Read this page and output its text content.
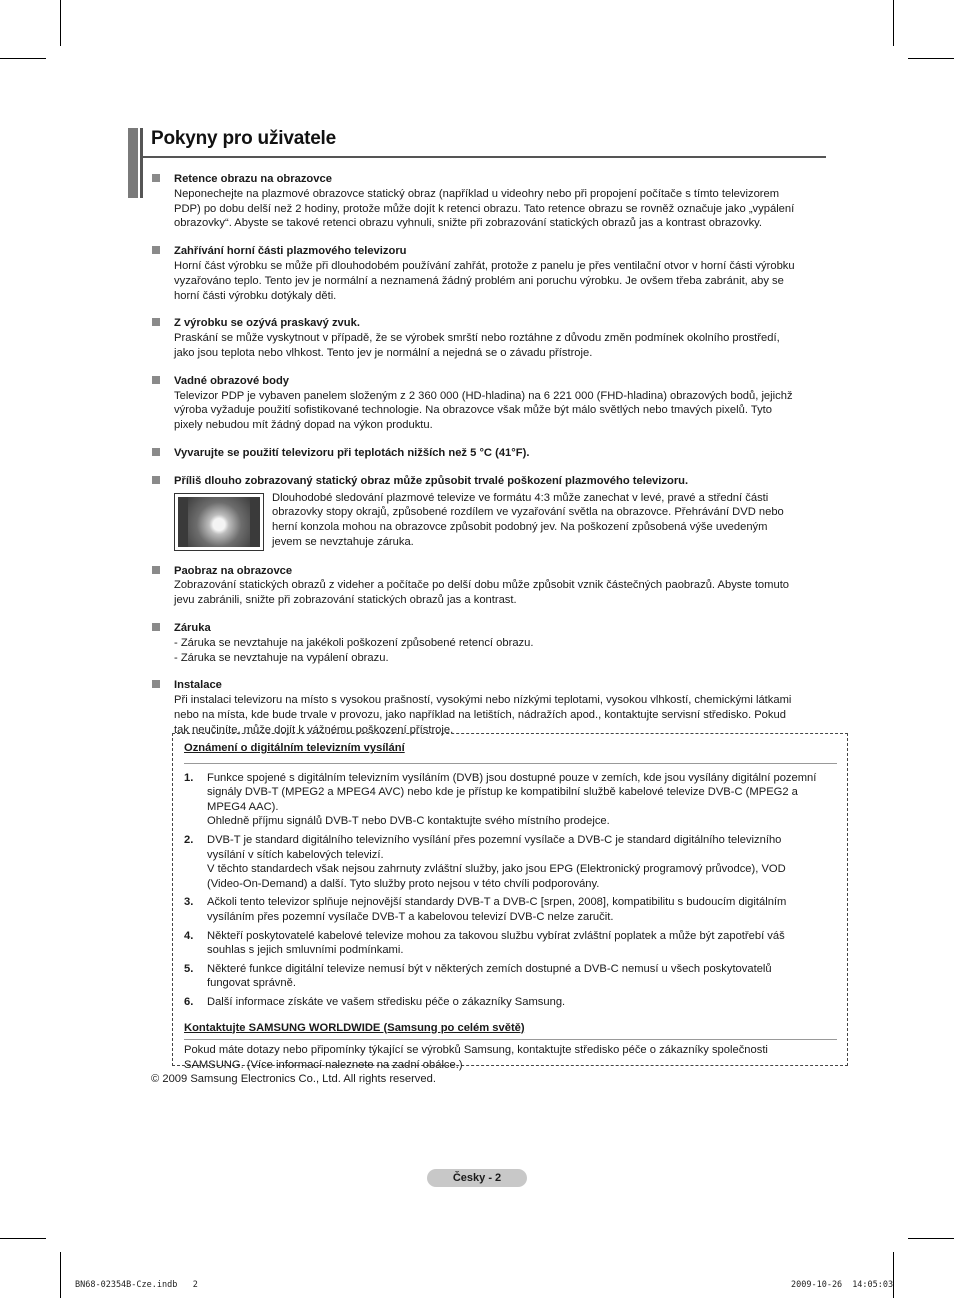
Pokyny pro uživatele
Retence obrazu na obrazovce
Neponechejte na plazmové obrazovce statický obraz (například u videohry nebo při propojení počítače s tímto televizorem
PDP) po dobu delší než 2 hodiny, protože může dojít k retenci obrazu. Tato retence obrazu se rovněž označuje jako „vypálení
obrazovky“. Abyste se takové retenci obrazu vyhnuli, snižte při zobrazování statických obrazů jas a kontrast obrazovky.
Zahřívání horní části plazmového televizoru
Horní část výrobku se může při dlouhodobém používání zahřát, protože z panelu je přes ventilační otvor v horní části výrobku
vyzařováno teplo. Tento jev je normální a neznamená žádný problém ani poruchu výrobku. Je ovšem třeba zabránit, aby se
horní části výrobku dotýkaly děti.
Z výrobku se ozývá praskavý zvuk.
Praskání se může vyskytnout v případě, že se výrobek smrští nebo roztáhne z důvodu změn podmínek okolního prostředí,
jako jsou teplota nebo vlhkost. Tento jev je normální a nejedná se o závadu přístroje.
Vadné obrazové body
Televizor PDP je vybaven panelem složeným z 2 360 000 (HD-hladina) na 6 221 000 (FHD-hladina) obrazových bodů, jejichž
výroba vyžaduje použití sofistikované technologie. Na obrazovce však může být málo světlých nebo tmavých pixelů. Tyto
pixely nebudou mít žádný dopad na výkon produktu.
Vyvarujte se použití televizoru při teplotách nižších než 5 °C (41°F).
Příliš dlouho zobrazovaný statický obraz může způsobit trvalé poškození plazmového televizoru.
Dlouhodobé sledování plazmové televize ve formátu 4:3 může zanechat v levé, pravé a střední části
obrazovky stopy okrajů, způsobené rozdílem ve vyzařování světla na obrazovce. Přehrávání DVD nebo
herní konzola mohou na obrazovce způsobit podobný jev. Na poškození způsobená výše uvedeným
jevem se nevztahuje záruka.
Paobraz na obrazovce
Zobrazování statických obrazů z videher a počítače po delší dobu může způsobit vznik částečných paobrazů. Abyste tomuto
jevu zabránili, snižte při zobrazování statických obrazů jas a kontrast.
Záruka
- Záruka se nevztahuje na jakékoli poškození způsobené retencí obrazu.
- Záruka se nevztahuje na vypálení obrazu.
Instalace
Při instalaci televizoru na místo s vysokou prašností, vysokými nebo nízkými teplotami, vysokou vlhkostí, chemickými látkami
nebo na místa, kde bude trvale v provozu, jako například na letištích, nádražích apod., kontaktujte servisní středisko. Pokud
tak neučiníte, může dojít k vážnému poškození přístroje.
Oznámení o digitálním televizním vysílání
1.	Funkce spojené s digitálním televizním vysíláním (DVB) jsou dostupné pouze v zemích, kde jsou vysílány digitální pozemní
signály DVB-T (MPEG2 a MPEG4 AVC) nebo kde je přístup ke kompatibilní službě kabelové televize DVB-C (MPEG2 a
MPEG4 AAC).
Ohledně příjmu signálů DVB-T nebo DVB-C kontaktujte svého místního prodejce.
2.	DVB-T je standard digitálního televizního vysílání přes pozemní vysílače a DVB-C je standard digitálního televizního
vysílání v sítích kabelových televizí.
V těchto standardech však nejsou zahrnuty zvláštní služby, jako jsou EPG (Elektronický programový průvodce), VOD
(Video-On-Demand) a další. Tyto služby proto nejsou v této chvíli podporovány.
3.	Ačkoli tento televizor splňuje nejnovější standardy DVB-T a DVB-C [srpen, 2008], kompatibilitu s budoucím digitálním
vysíláním přes pozemní vysílače DVB-T a kabelovou televizí DVB-C nelze zaručit.
4.	Někteří poskytovatelé kabelové televize mohou za takovou službu vybírat zvláštní poplatek a může být zapotřebí váš
souhlas s jejich smluvními podmínkami.
5.	Některé funkce digitální televize nemusí být v některých zemích dostupné a DVB-C nemusí u všech poskytovatelů
fungovat správně.
6.	Další informace získáte ve vašem středisku péče o zákazníky Samsung.
Kontaktujte SAMSUNG WORLDWIDE (Samsung po celém světě)
Pokud máte dotazy nebo připomínky týkající se výrobků Samsung, kontaktujte středisko péče o zákazníky společnosti
SAMSUNG. (Více informací naleznete na zadní obálce.)
© 2009 Samsung Electronics Co., Ltd. All rights reserved.
Česky - 2
BN68-02354B-Cze.indb   2	2009-10-26 14:05:03
